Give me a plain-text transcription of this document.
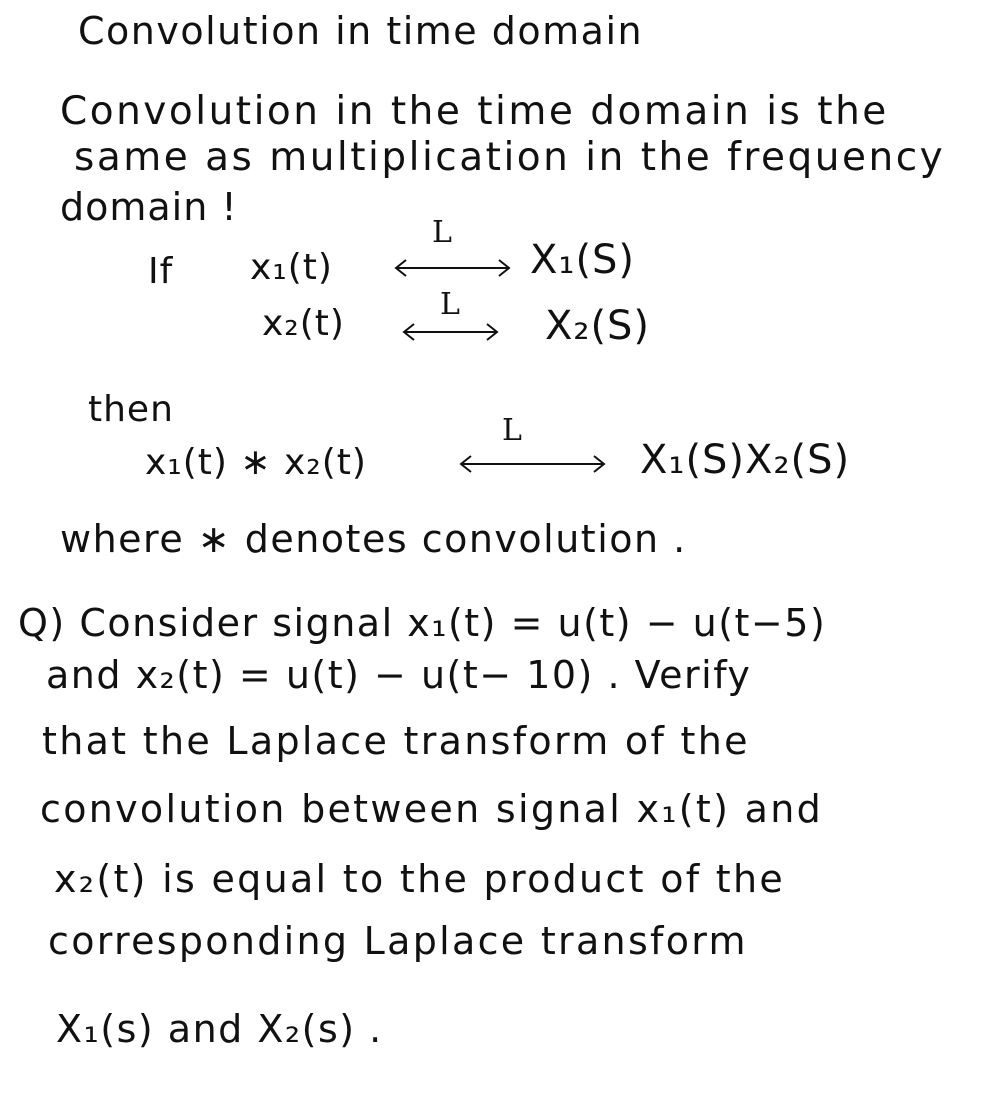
Convolution in time domain
Convolution in the time domain is the
same as multiplication in the frequency
domain !
If x₁(t)
L
X₁(S)
x₂(t)	L X₂(S)
then
x₁(t) ∗ x₂(t)
L
X₁(S)X₂(S)
where ∗ denotes convolution .
Q) Consider signal x₁(t) = u(t) − u(t−5)
and x₂(t) = u(t) − u(t− 10) . Verify
that the Laplace transform of the
convolution between signal x₁(t) and
x₂(t) is equal to the product of the
corresponding Laplace transform
X₁(s) and X₂(s) .
